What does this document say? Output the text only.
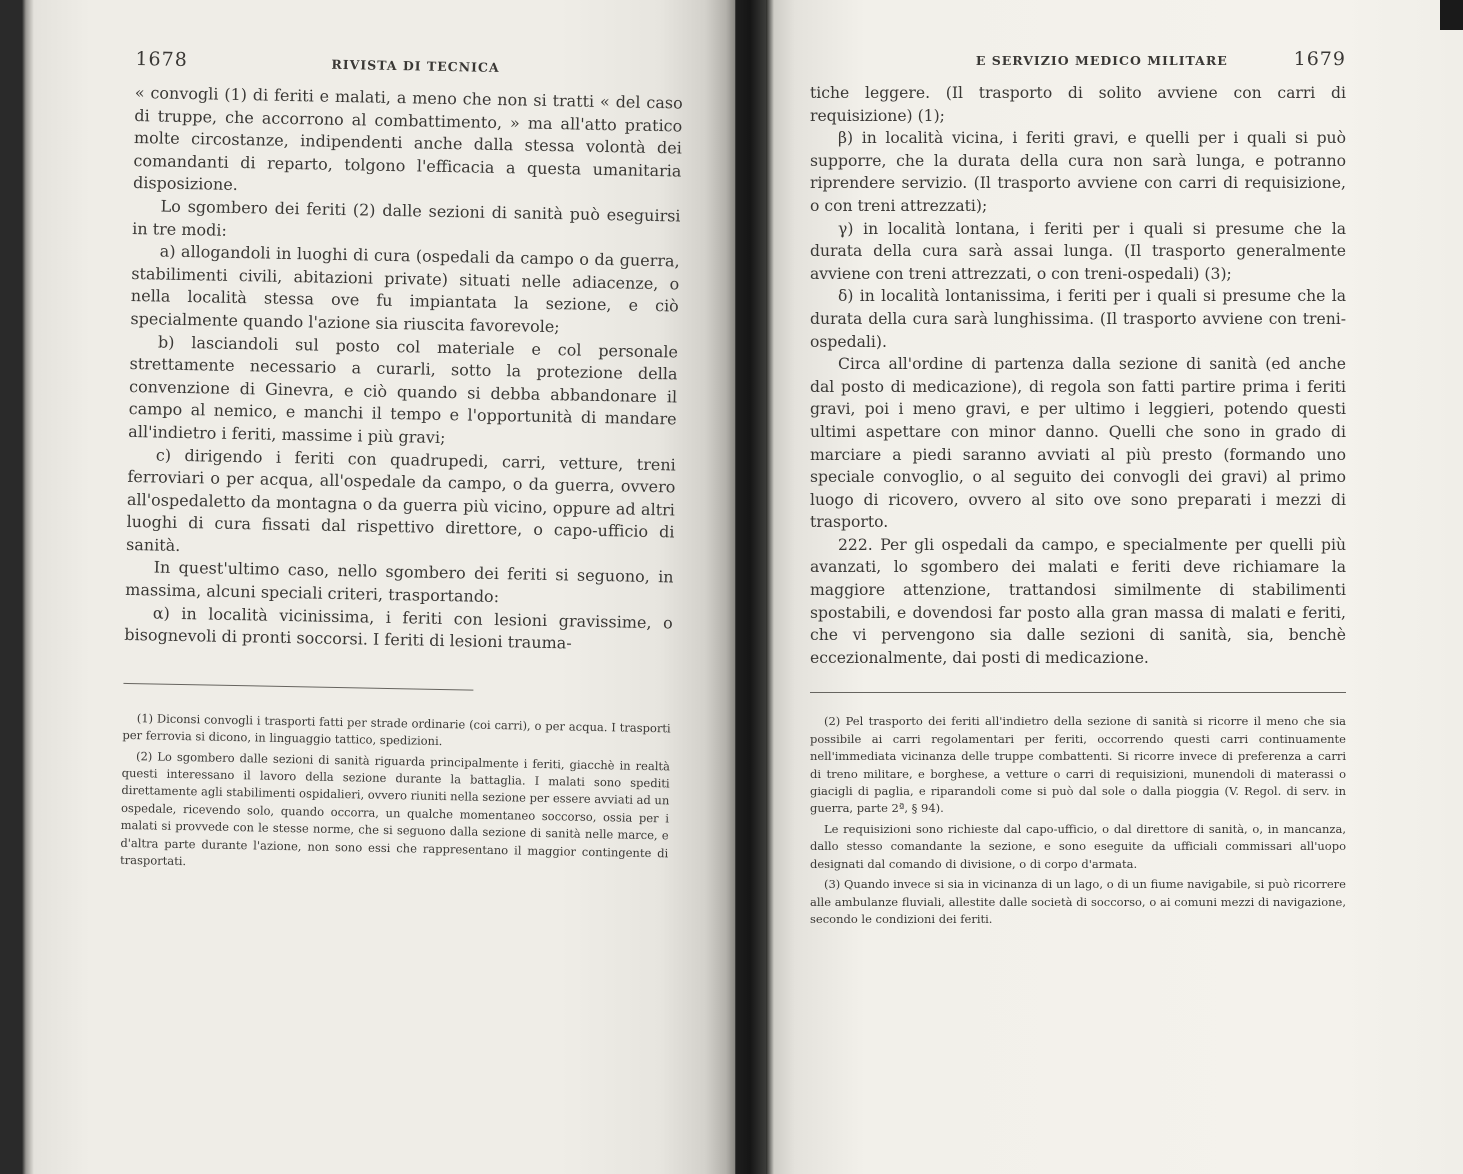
1678	RIVISTA DI TECNICA

« convogli (1) di feriti e malati, a meno che non si tratti « del caso di truppe, che accorrono al combattimento, » ma all'atto pratico molte circostanze, indipendenti anche dalla stessa volontà dei comandanti di reparto, tolgono l'efficacia a questa umanitaria disposizione.

Lo sgombero dei feriti (2) dalle sezioni di sanità può eseguirsi in tre modi:

a) allogandoli in luoghi di cura (ospedali da campo o da guerra, stabilimenti civili, abitazioni private) situati nelle adiacenze, o nella località stessa ove fu impiantata la sezione, e ciò specialmente quando l'azione sia riuscita favorevole;

b) lasciandoli sul posto col materiale e col personale strettamente necessario a curarli, sotto la protezione della convenzione di Ginevra, e ciò quando si debba abbandonare il campo al nemico, e manchi il tempo e l'opportunità di mandare all'indietro i feriti, massime i più gravi;

c) dirigendo i feriti con quadrupedi, carri, vetture, treni ferroviari o per acqua, all'ospedale da campo, o da guerra, ovvero all'ospedaletto da montagna o da guerra più vicino, oppure ad altri luoghi di cura fissati dal rispettivo direttore, o capo-ufficio di sanità.

In quest'ultimo caso, nello sgombero dei feriti si seguono, in massima, alcuni speciali criteri, trasportando:

α) in località vicinissima, i feriti con lesioni gravissime, o bisognevoli di pronti soccorsi. I feriti di lesioni trauma-

(1) Diconsi convogli i trasporti fatti per strade ordinarie (coi carri), o per acqua. I trasporti per ferrovia si dicono, in linguaggio tattico, spedizioni.

(2) Lo sgombero dalle sezioni di sanità riguarda principalmente i feriti, giacchè in realtà questi interessano il lavoro della sezione durante la battaglia. I malati sono spediti direttamente agli stabilimenti ospidalieri, ovvero riuniti nella sezione per essere avviati ad un ospedale, ricevendo solo, quando occorra, un qualche momentaneo soccorso, ossia per i malati si provvede con le stesse norme, che si seguono dalla sezione di sanità nelle marce, e d'altra parte durante l'azione, non sono essi che rappresentano il maggior contingente di trasportati.

E SERVIZIO MEDICO MILITARE	1679

tiche leggere. (Il trasporto di solito avviene con carri di requisizione) (1);

β) in località vicina, i feriti gravi, e quelli per i quali si può supporre, che la durata della cura non sarà lunga, e potranno riprendere servizio. (Il trasporto avviene con carri di requisizione, o con treni attrezzati);

γ) in località lontana, i feriti per i quali si presume che la durata della cura sarà assai lunga. (Il trasporto generalmente avviene con treni attrezzati, o con treni-ospedali) (3);

δ) in località lontanissima, i feriti per i quali si presume che la durata della cura sarà lunghissima. (Il trasporto avviene con treni-ospedali).

Circa all'ordine di partenza dalla sezione di sanità (ed anche dal posto di medicazione), di regola son fatti partire prima i feriti gravi, poi i meno gravi, e per ultimo i leggieri, potendo questi ultimi aspettare con minor danno. Quelli che sono in grado di marciare a piedi saranno avviati al più presto (formando uno speciale convoglio, o al seguito dei convogli dei gravi) al primo luogo di ricovero, ovvero al sito ove sono preparati i mezzi di trasporto.

222. Per gli ospedali da campo, e specialmente per quelli più avanzati, lo sgombero dei malati e feriti deve richiamare la maggiore attenzione, trattandosi similmente di stabilimenti spostabili, e dovendosi far posto alla gran massa di malati e feriti, che vi pervengono sia dalle sezioni di sanità, sia, benchè eccezionalmente, dai posti di medicazione.

(2) Pel trasporto dei feriti all'indietro della sezione di sanità si ricorre il meno che sia possibile ai carri regolamentari per feriti, occorrendo questi carri continuamente nell'immediata vicinanza delle truppe combattenti. Si ricorre invece di preferenza a carri di treno militare, e borghese, a vetture o carri di requisizioni, munendoli di materassi o giacigli di paglia, e riparandoli come si può dal sole o dalla pioggia (V. Regol. di serv. in guerra, parte 2ª, § 94).

Le requisizioni sono richieste dal capo-ufficio, o dal direttore di sanità, o, in mancanza, dallo stesso comandante la sezione, e sono eseguite da ufficiali commissari all'uopo designati dal comando di divisione, o di corpo d'armata.

(3) Quando invece si sia in vicinanza di un lago, o di un fiume navigabile, si può ricorrere alle ambulanze fluviali, allestite dalle società di soccorso, o ai comuni mezzi di navigazione, secondo le condizioni dei feriti.
